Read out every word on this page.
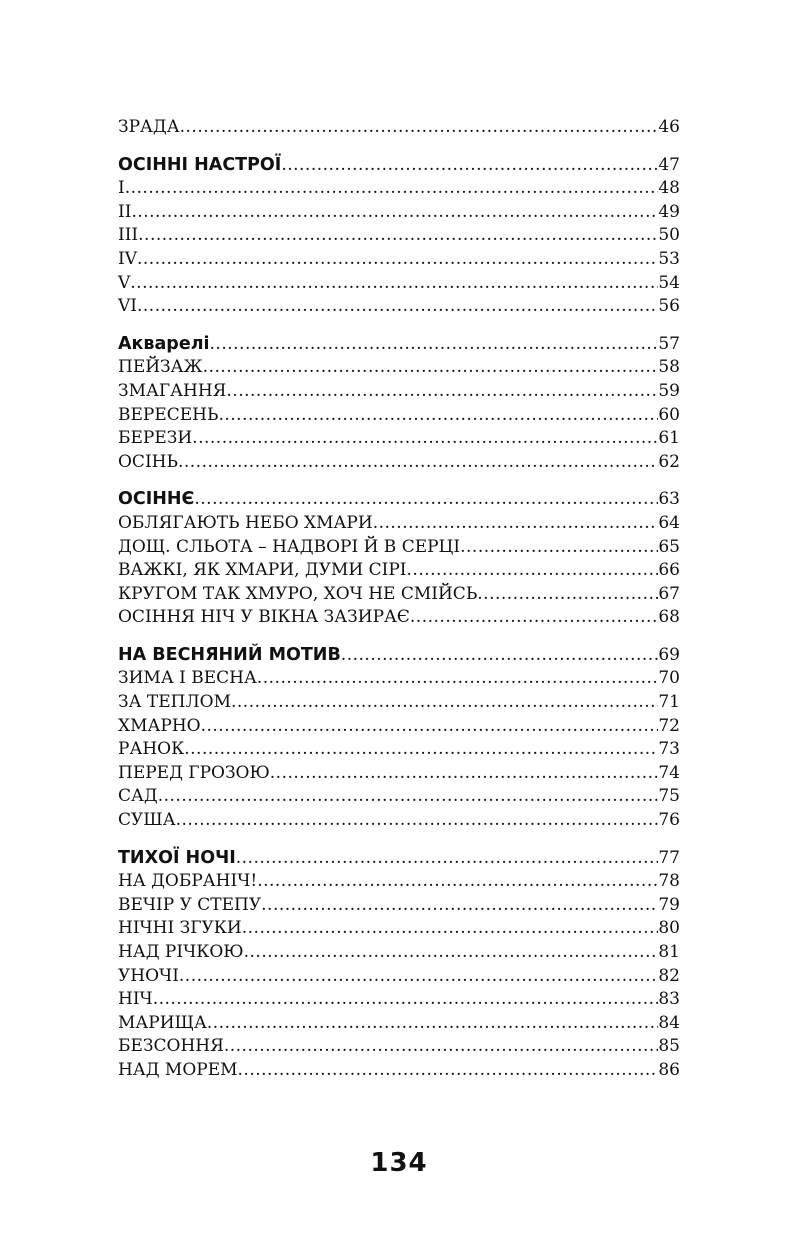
ЗРАДА .....	46
ОСІННІ НАСТРОЇ .....	47
I .....	48
II .....	49
III .....	50
IV .....	53
V .....	54
VI .....	56
Акварелі .....	57
ПЕЙЗАЖ .....	58
ЗМАГАННЯ .....	59
ВЕРЕСЕНЬ .....	60
БЕРЕЗИ .....	61
ОСІНЬ .....	62
ОСІННЄ .....	63
ОБЛЯГАЮТЬ НЕБО ХМАРИ .....	64
ДОЩ. СЛЬОТА – НАДВОРІ Й В СЕРЦІ .....	65
ВАЖКІ, ЯК ХМАРИ, ДУМИ СІРІ .....	66
КРУГОМ ТАК ХМУРО, ХОЧ НЕ СМІЙСЬ .....	67
ОСІННЯ НІЧ У ВІКНА ЗАЗИРАЄ .....	68
НА ВЕСНЯНИЙ МОТИВ .....	69
ЗИМА І ВЕСНА .....	70
ЗА ТЕПЛОМ .....	71
ХМАРНО .....	72
РАНОК .....	73
ПЕРЕД ГРОЗОЮ .....	74
САД .....	75
СУША .....	76
ТИХОЇ НОЧІ .....	77
НА ДОБРАНІЧ! .....	78
ВЕЧІР У СТЕПУ .....	79
НІЧНІ ЗГУКИ .....	80
НАД РІЧКОЮ .....	81
УНОЧІ .....	82
НІЧ .....	83
МАРИЩА .....	84
БЕЗСОННЯ .....	85
НАД МОРЕМ .....	86
134
